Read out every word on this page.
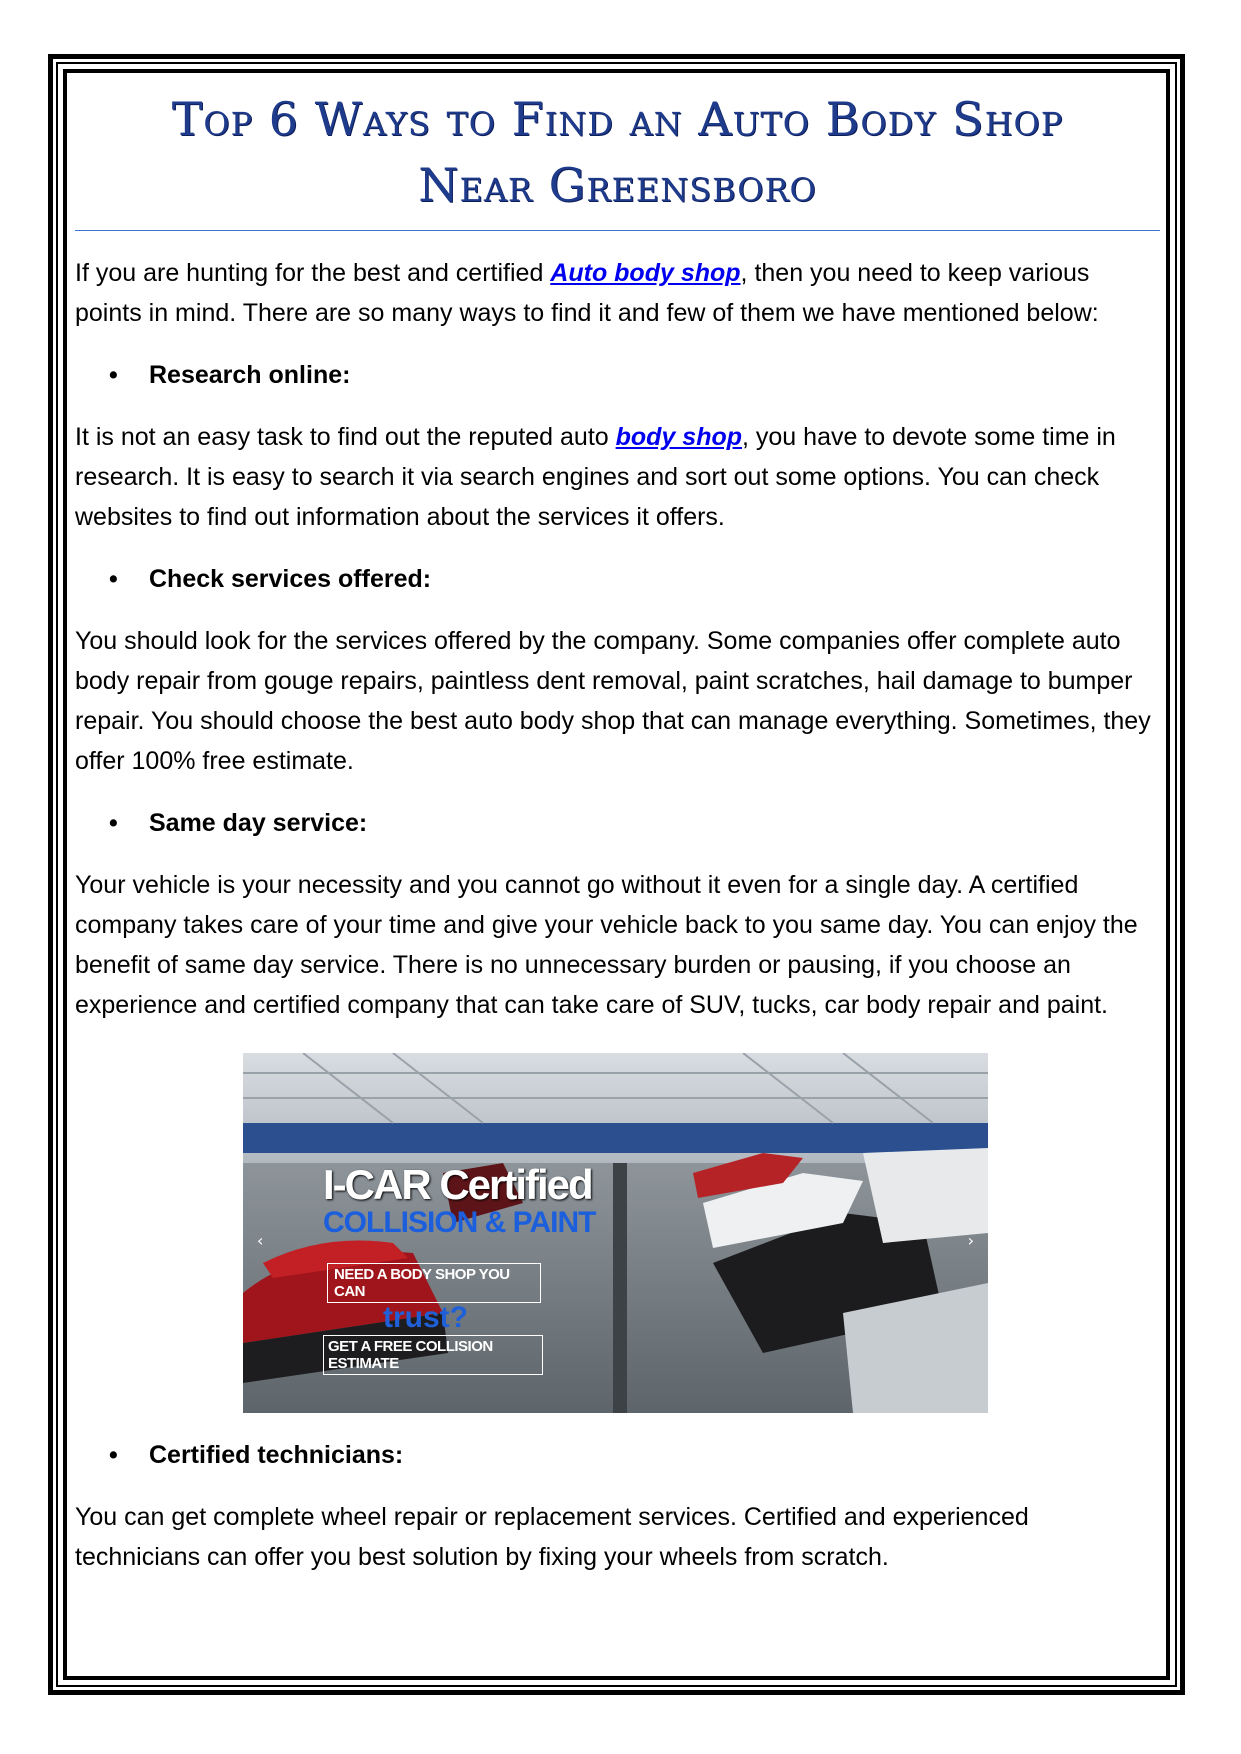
Top 6 Ways to Find an Auto Body Shop
Near Greensboro

If you are hunting for the best and certified Auto body shop, then you need to keep various points in mind. There are so many ways to find it and few of them we have mentioned below:

• Research online:

It is not an easy task to find out the reputed auto body shop, you have to devote some time in research. It is easy to search it via search engines and sort out some options. You can check websites to find out information about the services it offers.

• Check services offered:

You should look for the services offered by the company. Some companies offer complete auto body repair from gouge repairs, paintless dent removal, paint scratches, hail damage to bumper repair. You should choose the best auto body shop that can manage everything. Sometimes, they offer 100% free estimate.

• Same day service:

Your vehicle is your necessity and you cannot go without it even for a single day. A certified company takes care of your time and give your vehicle back to you same day. You can enjoy the benefit of same day service. There is no unnecessary burden or pausing, if you choose an experience and certified company that can take care of SUV, tucks, car body repair and paint.

‹	›
I-CAR Certified
COLLISION & PAINT
NEED A BODY SHOP YOU CAN
trust?
GET A FREE COLLISION ESTIMATE
• Certified technicians:

You can get complete wheel repair or replacement services. Certified and experienced technicians can offer you best solution by fixing your wheels from scratch.
